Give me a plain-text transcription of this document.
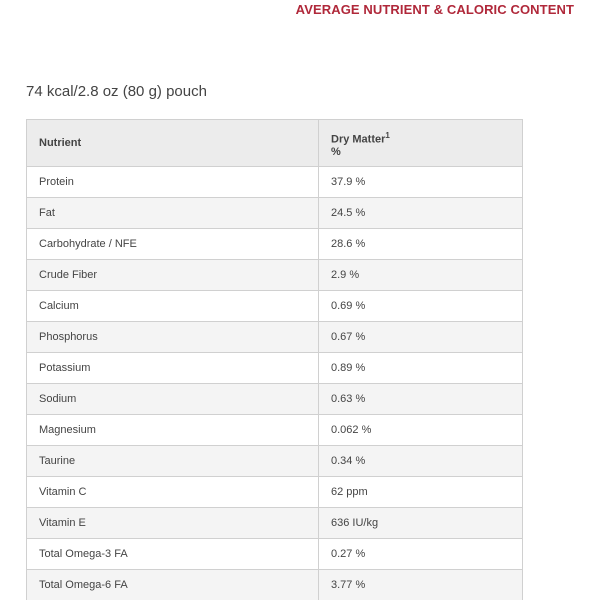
AVERAGE NUTRIENT & CALORIC CONTENT
74 kcal/2.8 oz (80 g) pouch
Nutrient	Dry Matter$^1$
%
Protein	37.9 %
Fat	24.5 %
Carbohydrate / NFE	28.6 %
Crude Fiber	2.9 %
Calcium	0.69 %
Phosphorus	0.67 %
Potassium	0.89 %
Sodium	0.63 %
Magnesium	0.062 %
Taurine	0.34 %
Vitamin C	62 ppm
Vitamin E	636 IU/kg
Total Omega-3 FA	0.27 %
Total Omega-6 FA	3.77 %
